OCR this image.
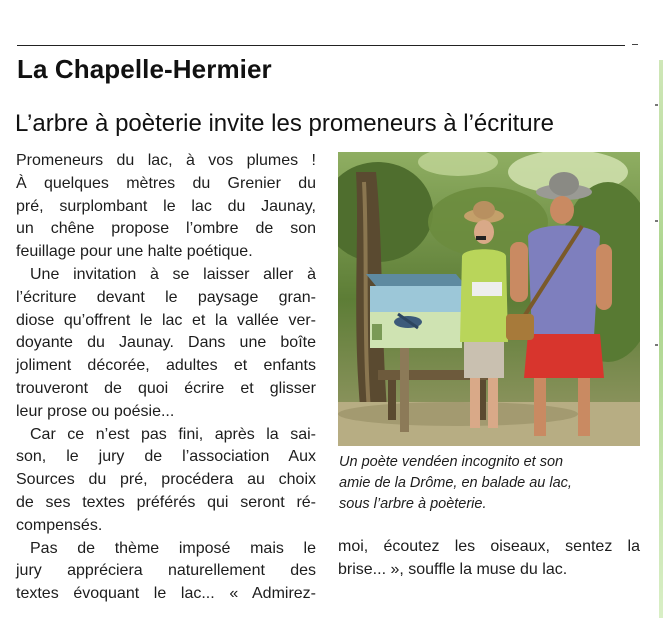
La Chapelle-Hermier
L’arbre à poèterie invite les promeneurs à l’écriture
Promeneurs du lac, à vos plumes !
À quelques mètres du Grenier du
pré, surplombant le lac du Jaunay,
un chêne propose l’ombre de son
feuillage pour une halte poétique.
Une invitation à se laisser aller à
l’écriture devant le paysage gran-
diose qu’offrent le lac et la vallée ver-
doyante du Jaunay. Dans une boîte
joliment décorée, adultes et enfants
trouveront de quoi écrire et glisser
leur prose ou poésie...
Car ce n’est pas fini, après la sai-
son, le jury de l’association Aux
Sources du pré, procédera au choix
de ses textes préférés qui seront ré-
compensés.
Pas de thème imposé mais le
jury appréciera naturellement des
textes évoquant le lac... « Admirez-
Un poète vendéen incognito et son
amie de la Drôme, en balade au lac,
sous l’arbre à poèterie.
moi, écoutez les oiseaux, sentez la
brise... », souffle la muse du lac.
